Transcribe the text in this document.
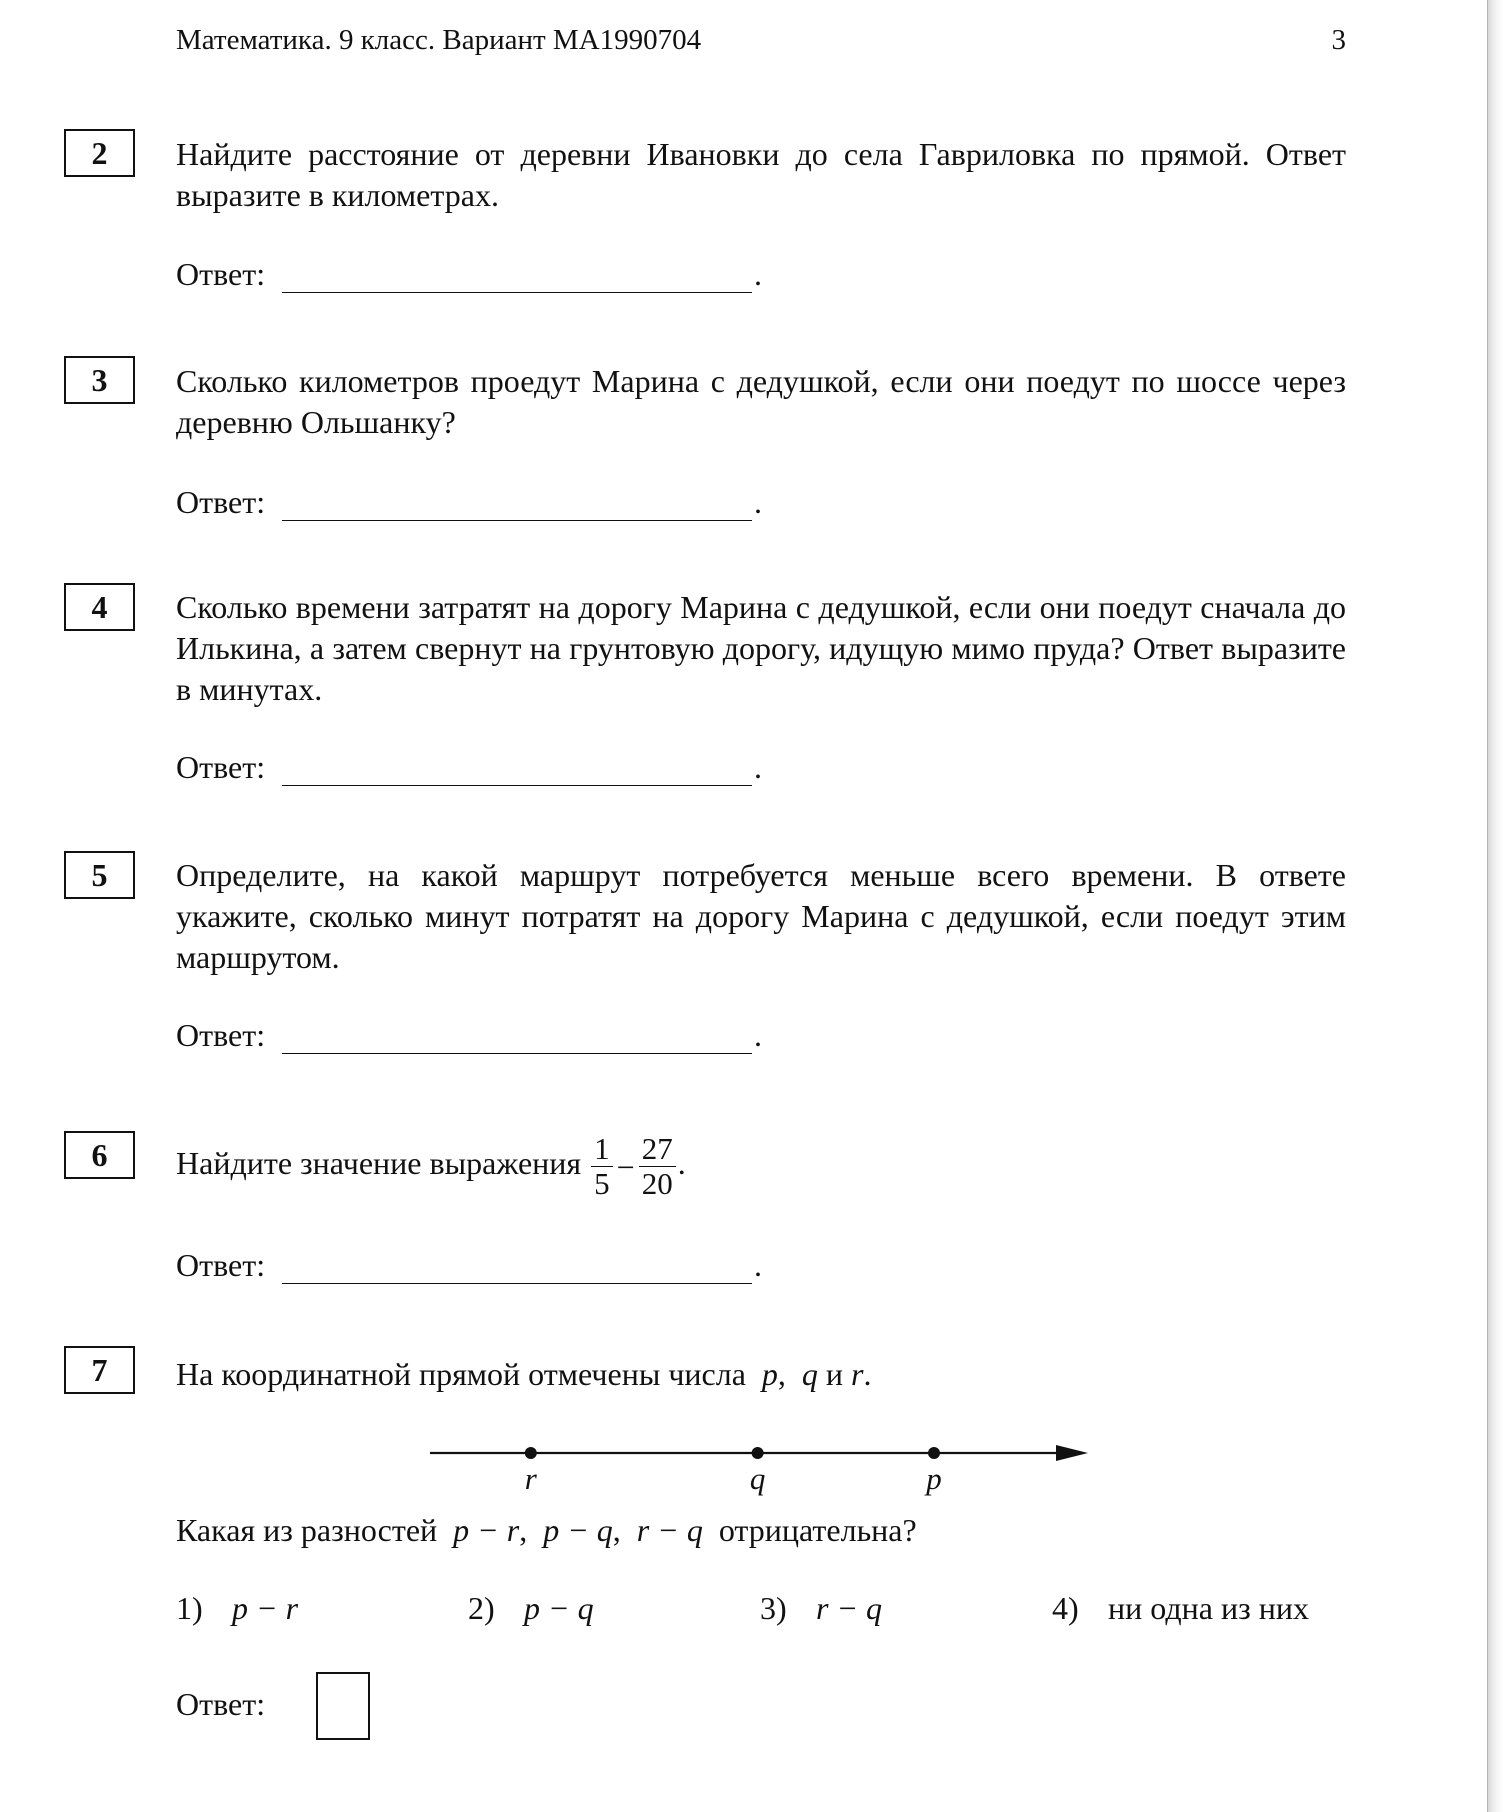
Математика. 9 класс. Вариант МА1990704	3
2	Найдите расстояние от деревни Ивановки до села Гавриловка по прямой. Ответ выразите в километрах.
Ответ:	.
3	Сколько километров проедут Марина с дедушкой, если они поедут по шоссе через деревню Ольшанку?
Ответ:	.
4	Сколько времени затратят на дорогу Марина с дедушкой, если они поедут сначала до Илькина, а затем свернут на грунтовую дорогу, идущую мимо пруда? Ответ выразите в минутах.
Ответ:	.
5	Определите, на какой маршрут потребуется меньше всего времени. В ответе укажите, сколько минут потратят на дорогу Марина с дедушкой, если поедут этим маршрутом.
Ответ:	.
6	Найдите значение выражения $\frac{1}{5} - \frac{27}{20}$ .
Ответ:	.
7	На координатной прямой отмечены числа p, q и r.
r	q	p
Какая из разностей p − r, p − q, r − q отрицательна?
1) p − r	2) p − q	3) r − q	4) ни одна из них
Ответ:
